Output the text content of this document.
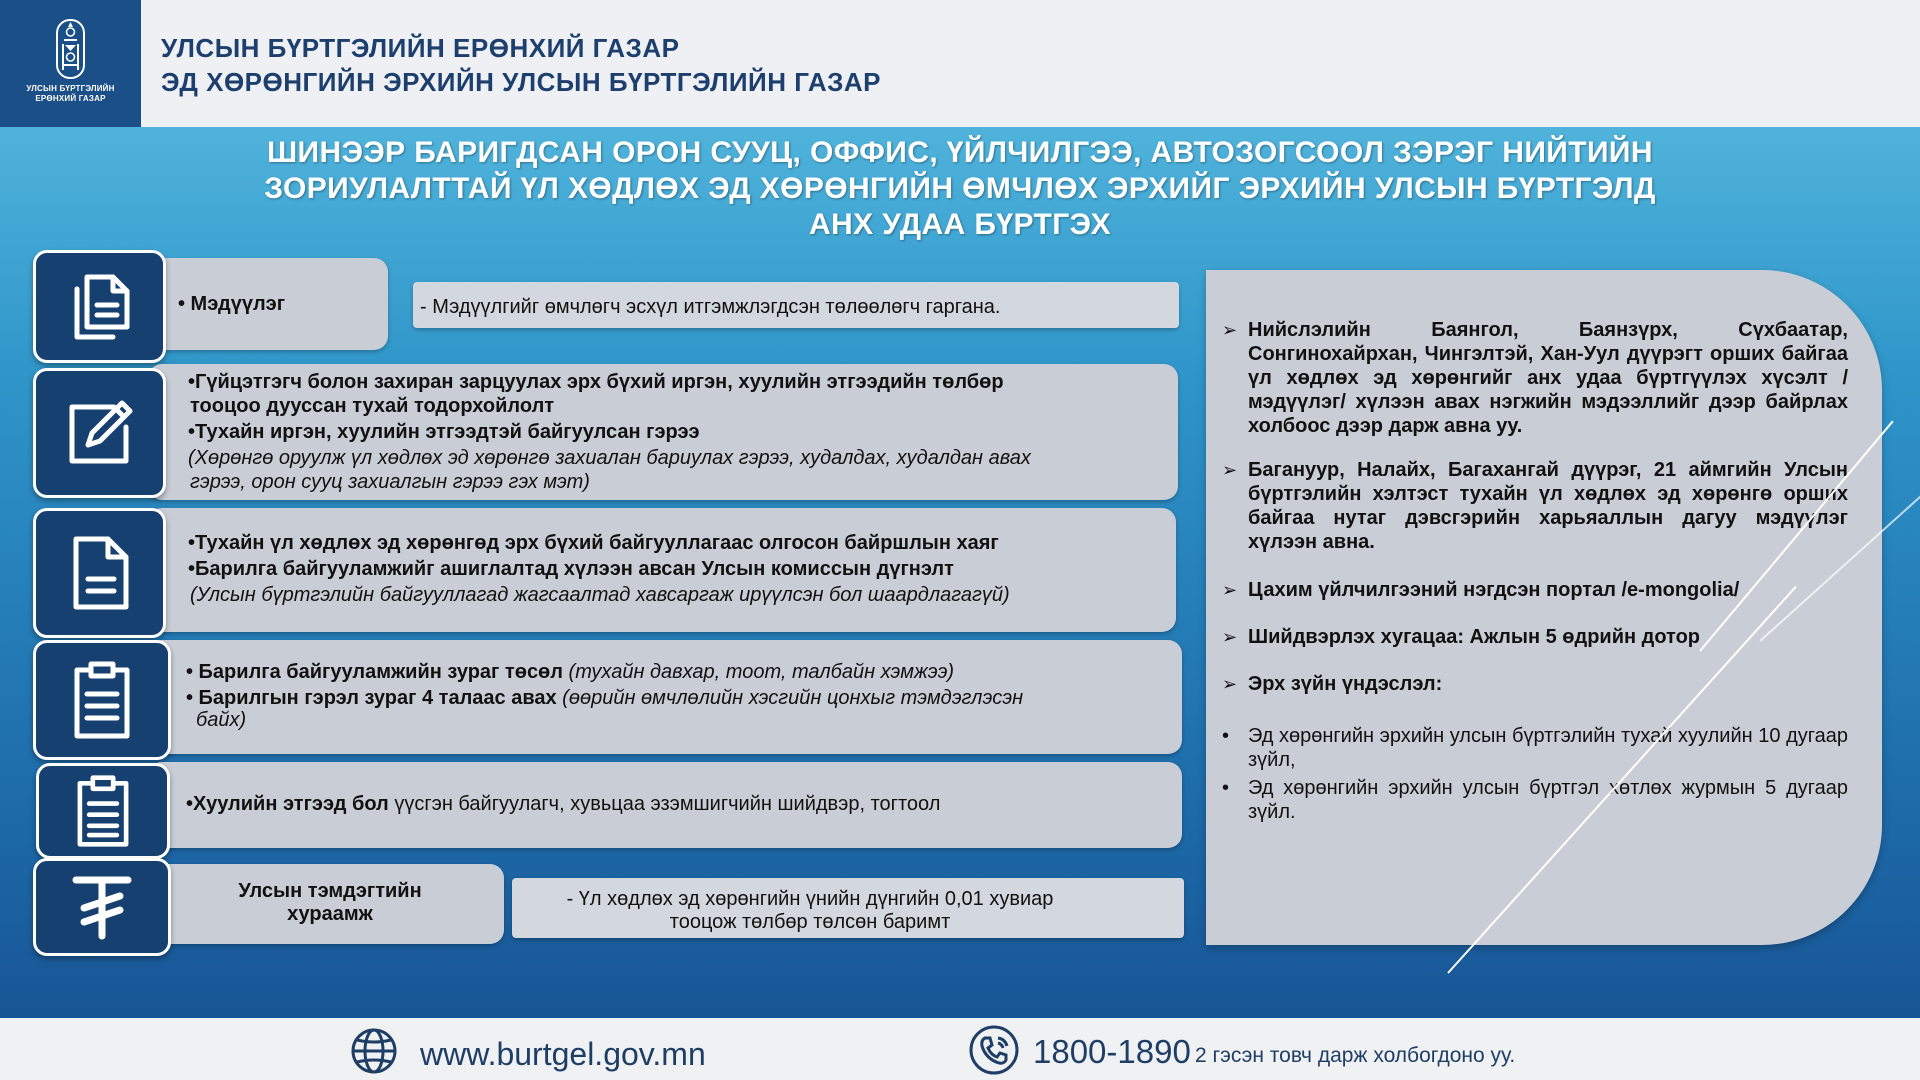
УЛСЫН БҮРТГЭЛИЙН
ЕРӨНХИЙ ГАЗАР
УЛСЫН БҮРТГЭЛИЙН ЕРӨНХИЙ ГАЗАР
ЭД ХӨРӨНГИЙН ЭРХИЙН УЛСЫН БҮРТГЭЛИЙН ГАЗАР
ШИНЭЭР БАРИГДСАН ОРОН СУУЦ, ОФФИС, ҮЙЛЧИЛГЭЭ, АВТОЗОГСООЛ ЗЭРЭГ НИЙТИЙН
ЗОРИУЛАЛТТАЙ ҮЛ ХӨДЛӨХ ЭД ХӨРӨНГИЙН ӨМЧЛӨХ ЭРХИЙГ ЭРХИЙН УЛСЫН БҮРТГЭЛД
АНХ УДАА БҮРТГЭХ
• Мэдүүлэг	- Мэдүүлгийг өмчлөгч эсхүл итгэмжлэгдсэн төлөөлөгч гаргана.
•Гүйцэтгэгч болон захиран зарцуулах эрх бүхий иргэн, хуулийн этгээдийн төлбөр
тооцоо дууссан тухай тодорхойлолт
•Тухайн иргэн, хуулийн этгээдтэй байгуулсан гэрээ
(Хөрөнгө оруулж үл хөдлөх эд хөрөнгө захиалан бариулах гэрээ, худалдах, худалдан авах
гэрээ, орон сууц захиалгын гэрээ гэх мэт)
•Тухайн үл хөдлөх эд хөрөнгөд эрх бүхий байгууллагаас олгосон байршлын хаяг
•Барилга байгууламжийг ашиглалтад хүлээн авсан Улсын комиссын дүгнэлт
(Улсын бүртгэлийн байгууллагад жагсаалтад хавсаргаж ирүүлсэн бол шаардлагагүй)
• Барилга байгууламжийн зураг төсөл (тухайн давхар, тоот, талбайн хэмжээ)
• Барилгын гэрэл зураг 4 талаас авах (өөрийн өмчлөлийн хэсгийн цонхыг тэмдэглэсэн
байх)
•Хуулийн этгээд бол үүсгэн байгуулагч, хувьцаа эзэмшигчийн шийдвэр, тогтоол
Улсын тэмдэгтийн
хураамж
- Үл хөдлөх эд хөрөнгийн үнийн дүнгийн 0,01 хувиар
тооцож төлбөр төлсөн баримт
➢ Нийслэлийн Баянгол, Баянзүрх, Сүхбаатар, Сонгинохайрхан, Чингэлтэй, Хан-Уул дүүрэгт орших байгаа үл хөдлөх эд хөрөнгийг анх удаа бүртгүүлэх хүсэлт /мэдүүлэг/ хүлээн авах нэгжийн мэдээллийг дээр байрлах холбоос дээр дарж авна уу.
➢ Багануур, Налайх, Багахангай дүүрэг, 21 аймгийн Улсын бүртгэлийн хэлтэст тухайн үл хөдлөх эд хөрөнгө орших байгаа нутаг дэвсгэрийн харьяаллын дагуу мэдүүлэг хүлээн авна.
➢ Цахим үйлчилгээний нэгдсэн портал /e-mongolia/
➢ Шийдвэрлэх хугацаа: Ажлын 5 өдрийн дотор
➢ Эрх зүйн үндэслэл:
• Эд хөрөнгийн эрхийн улсын бүртгэлийн тухай хуулийн 10 дугаар зүйл,
• Эд хөрөнгийн эрхийн улсын бүртгэл хөтлөх журмын 5 дугаар зүйл.
www.burtgel.gov.mn	1800-1890 2 гэсэн товч дарж холбогдоно уу.
